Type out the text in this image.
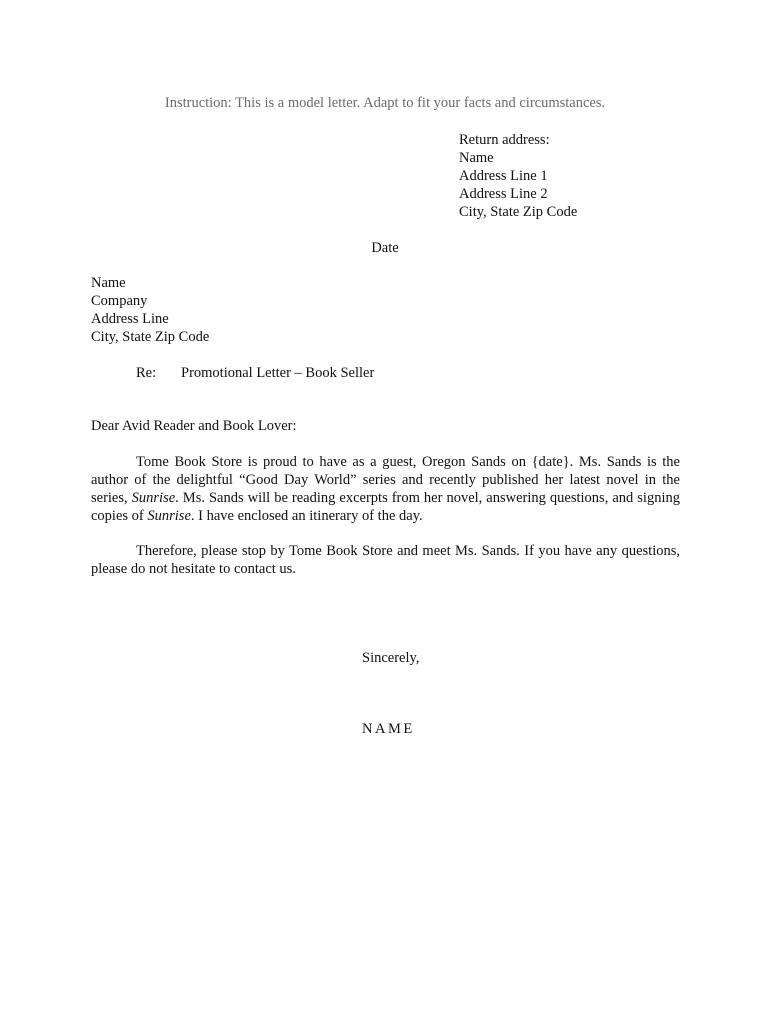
Instruction: This is a model letter. Adapt to fit your facts and circumstances.
Return address:
Name
Address Line 1
Address Line 2
City, State Zip Code
Date
Name
Company
Address Line
City, State Zip Code
Re: Promotional Letter – Book Seller
Dear Avid Reader and Book Lover:
Tome Book Store is proud to have as a guest, Oregon Sands on {date}. Ms. Sands is the author of the delightful “Good Day World” series and recently published her latest novel in the series, Sunrise. Ms. Sands will be reading excerpts from her novel, answering questions, and signing copies of Sunrise. I have enclosed an itinerary of the day.
Therefore, please stop by Tome Book Store and meet Ms. Sands. If you have any questions, please do not hesitate to contact us.
Sincerely,
NAME
